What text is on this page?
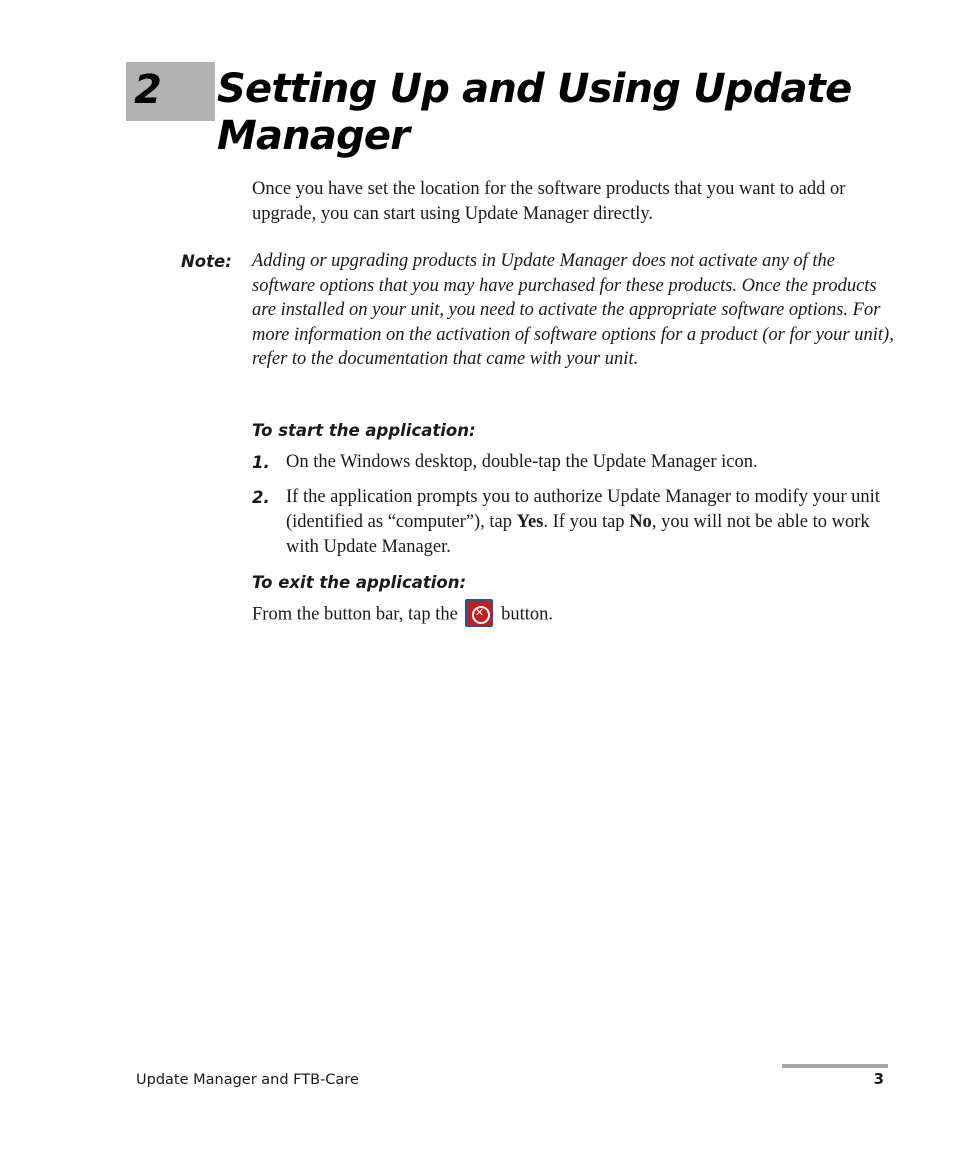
2 Setting Up and Using Update Manager

Once you have set the location for the software products that you want to add or upgrade, you can start using Update Manager directly.

Note: Adding or upgrading products in Update Manager does not activate any of the software options that you may have purchased for these products. Once the products are installed on your unit, you need to activate the appropriate software options. For more information on the activation of software options for a product (or for your unit), refer to the documentation that came with your unit.

To start the application:
1. On the Windows desktop, double-tap the Update Manager icon.

2. If the application prompts you to authorize Update Manager to modify your unit (identified as “computer”), tap Yes. If you tap No, you will not be able to work with Update Manager.

To exit the application:

From the button bar, tap the	✕ button.

Update Manager and FTB-Care	3
